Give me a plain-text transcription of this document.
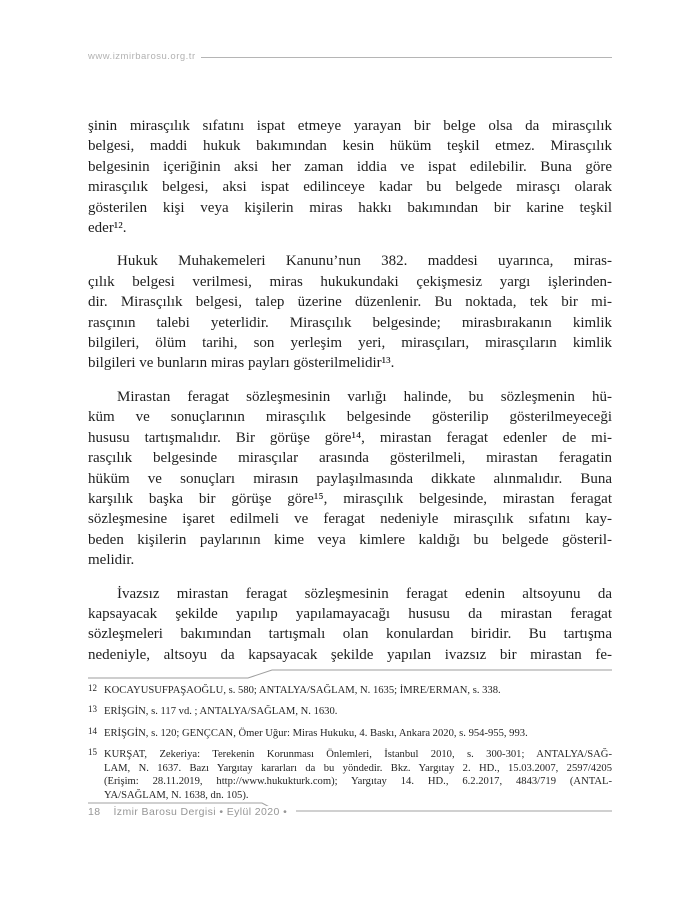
www.izmirbarosu.org.tr
şinin mirasçılık sıfatını ispat etmeye yarayan bir belge olsa da mirasçılık
belgesi, maddi hukuk bakımından kesin hüküm teşkil etmez. Mirasçılık
belgesinin içeriğinin aksi her zaman iddia ve ispat edilebilir. Buna göre
mirasçılık belgesi, aksi ispat edilinceye kadar bu belgede mirasçı olarak
gösterilen kişi veya kişilerin miras hakkı bakımından bir karine teşkil
eder¹².
Hukuk Muhakemeleri Kanunu’nun 382. maddesi uyarınca, miras-
çılık belgesi verilmesi, miras hukukundaki çekişmesiz yargı işlerinden-
dir. Mirasçılık belgesi, talep üzerine düzenlenir. Bu noktada, tek bir mi-
rasçının talebi yeterlidir. Mirasçılık belgesinde; mirasbırakanın kimlik
bilgileri, ölüm tarihi, son yerleşim yeri, mirasçıları, mirasçıların kimlik
bilgileri ve bunların miras payları gösterilmelidir¹³.
Mirastan feragat sözleşmesinin varlığı halinde, bu sözleşmenin hü-
küm ve sonuçlarının mirasçılık belgesinde gösterilip gösterilmeyeceği
hususu tartışmalıdır. Bir görüşe göre¹⁴, mirastan feragat edenler de mi-
rasçılık belgesinde mirasçılar arasında gösterilmeli, mirastan feragatin
hüküm ve sonuçları mirasın paylaşılmasında dikkate alınmalıdır. Buna
karşılık başka bir görüşe göre¹⁵, mirasçılık belgesinde, mirastan feragat
sözleşmesine işaret edilmeli ve feragat nedeniyle mirasçılık sıfatını kay-
beden kişilerin paylarının kime veya kimlere kaldığı bu belgede gösteril-
melidir.
İvazsız mirastan feragat sözleşmesinin feragat edenin altsoyunu da
kapsayacak şekilde yapılıp yapılamayacağı hususu da mirastan feragat
sözleşmeleri bakımından tartışmalı olan konulardan biridir. Bu tartışma
nedeniyle, altsoyu da kapsayacak şekilde yapılan ivazsız bir mirastan fe-
12 KOCAYUSUFPAŞAOĞLU, s. 580; ANTALYA/SAĞLAM, N. 1635; İMRE/ERMAN, s. 338.
13 ERİŞGİN, s. 117 vd. ; ANTALYA/SAĞLAM, N. 1630.
14 ERİŞGİN, s. 120; GENÇCAN, Ömer Uğur: Miras Hukuku, 4. Baskı, Ankara 2020, s. 954-955, 993.
15 KURŞAT, Zekeriya: Terekenin Korunması Önlemleri, İstanbul 2010, s. 300-301; ANTALYA/SAĞ-
LAM, N. 1637. Bazı Yargıtay kararları da bu yöndedir. Bkz. Yargıtay 2. HD., 15.03.2007, 2597/4205
(Erişim: 28.11.2019, http://www.hukukturk.com); Yargıtay 14. HD., 6.2.2017, 4843/719 (ANTAL-
YA/SAĞLAM, N. 1638, dn. 105).
18 İzmir Barosu Dergisi • Eylül 2020 •
